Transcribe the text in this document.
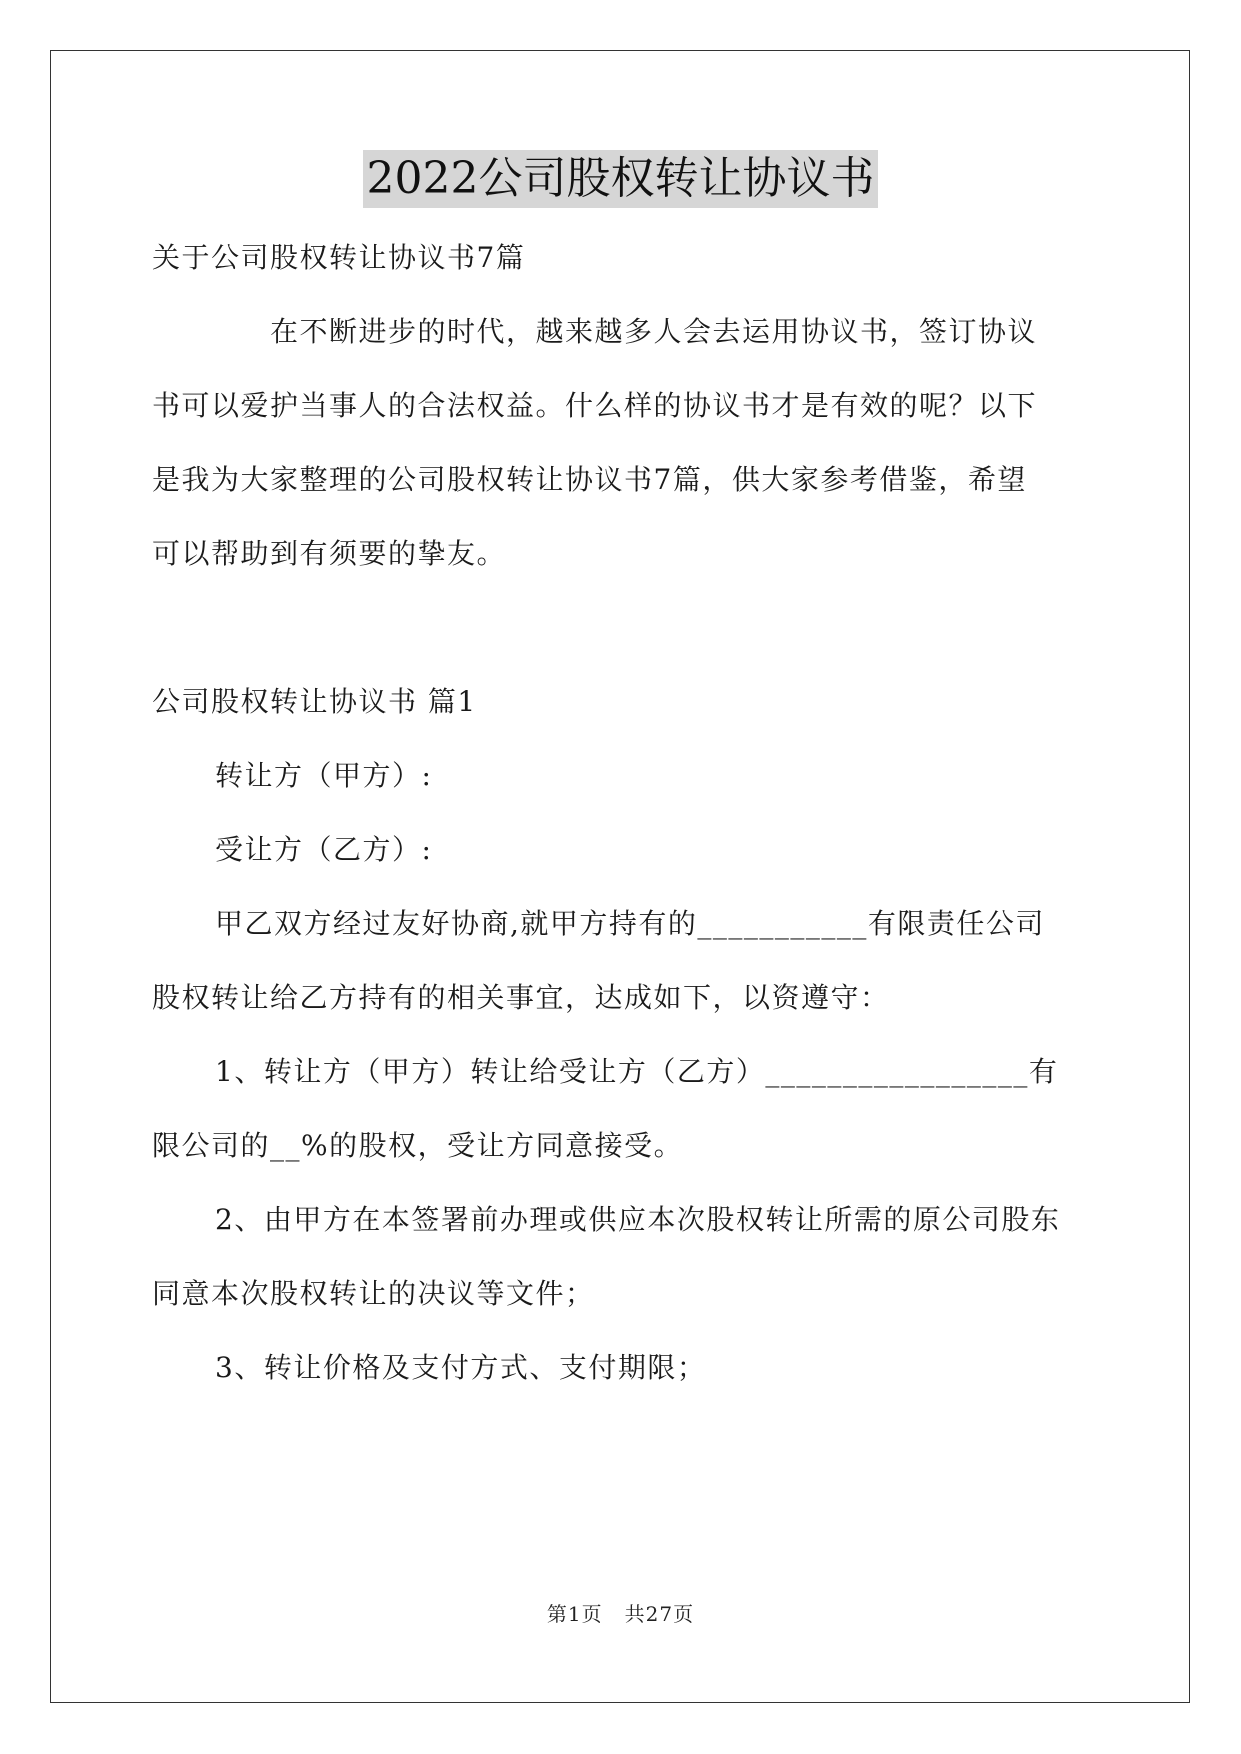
2022公司股权转让协议书

关于公司股权转让协议书7篇

在不断进步的时代，越来越多人会去运用协议书，签订协议

书可以爱护当事人的合法权益。什么样的协议书才是有效的呢？以下

是我为大家整理的公司股权转让协议书7篇，供大家参考借鉴，希望

可以帮助到有须要的挚友。

公司股权转让协议书 篇1

转让方（甲方）:

受让方（乙方）:

甲乙双方经过友好协商,就甲方持有的___________有限责任公司

股权转让给乙方持有的相关事宜，达成如下，以资遵守：

1、转让方（甲方）转让给受让方（乙方）_________________有

限公司的__%的股权，受让方同意接受。

2、由甲方在本签署前办理或供应本次股权转让所需的原公司股东

同意本次股权转让的决议等文件；

3、转让价格及支付方式、支付期限；

第1页 共27页
